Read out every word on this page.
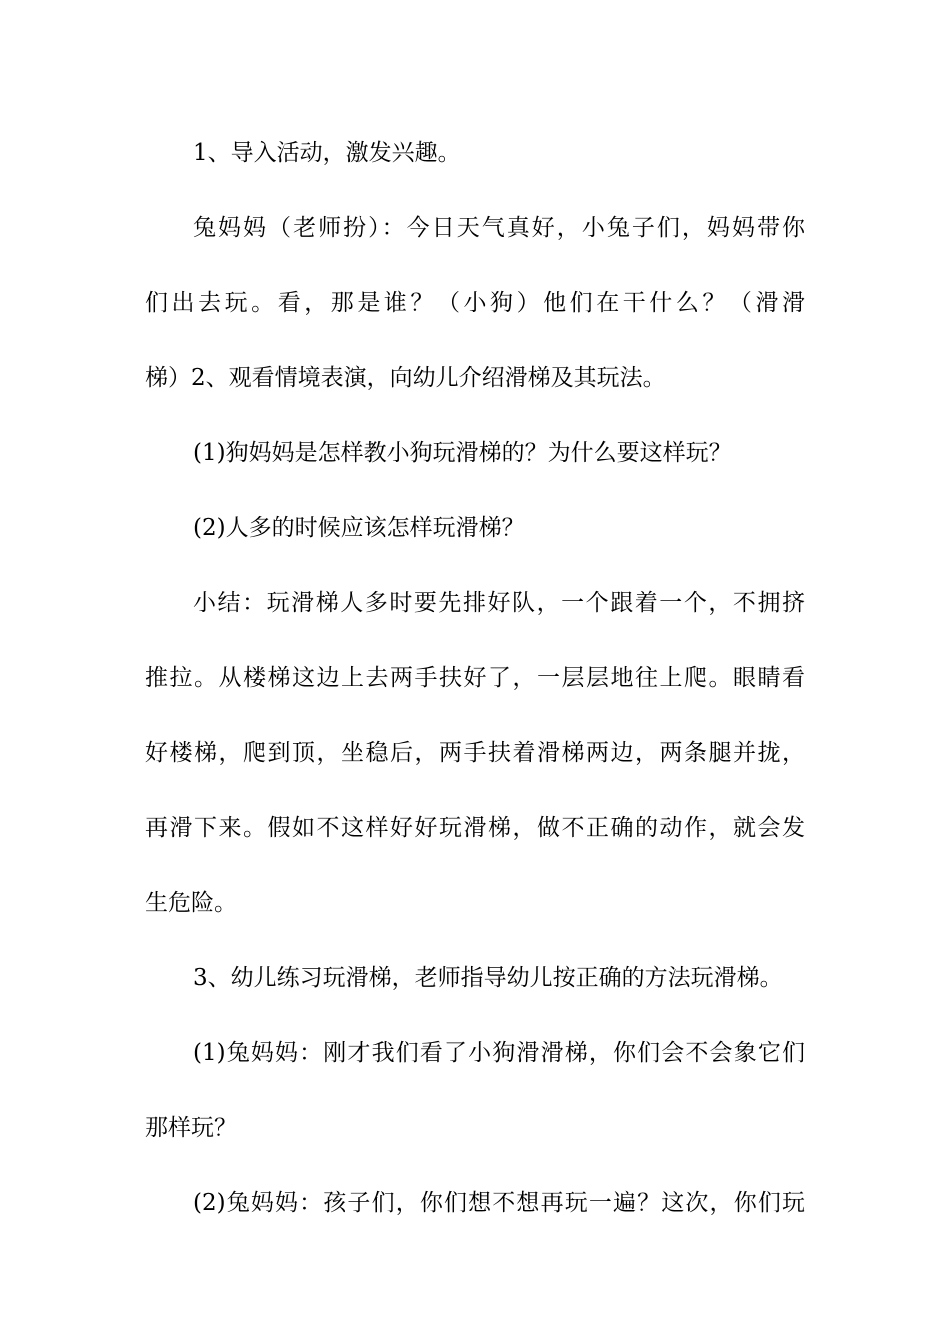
1、导入活动，激发兴趣。
兔妈妈（老师扮）：今日天气真好，小兔子们，妈妈带你
们出去玩。看，那是谁？（小狗）他们在干什么？（滑滑
梯）2、观看情境表演，向幼儿介绍滑梯及其玩法。
(1)狗妈妈是怎样教小狗玩滑梯的？为什么要这样玩？
(2)人多的时候应该怎样玩滑梯？
小结：玩滑梯人多时要先排好队，一个跟着一个，不拥挤
推拉。从楼梯这边上去两手扶好了，一层层地往上爬。眼睛看
好楼梯，爬到顶，坐稳后，两手扶着滑梯两边，两条腿并拢，
再滑下来。假如不这样好好玩滑梯，做不正确的动作，就会发
生危险。
3、幼儿练习玩滑梯，老师指导幼儿按正确的方法玩滑梯。
(1)兔妈妈：刚才我们看了小狗滑滑梯，你们会不会象它们
那样玩？
(2)兔妈妈：孩子们，你们想不想再玩一遍？这次，你们玩
